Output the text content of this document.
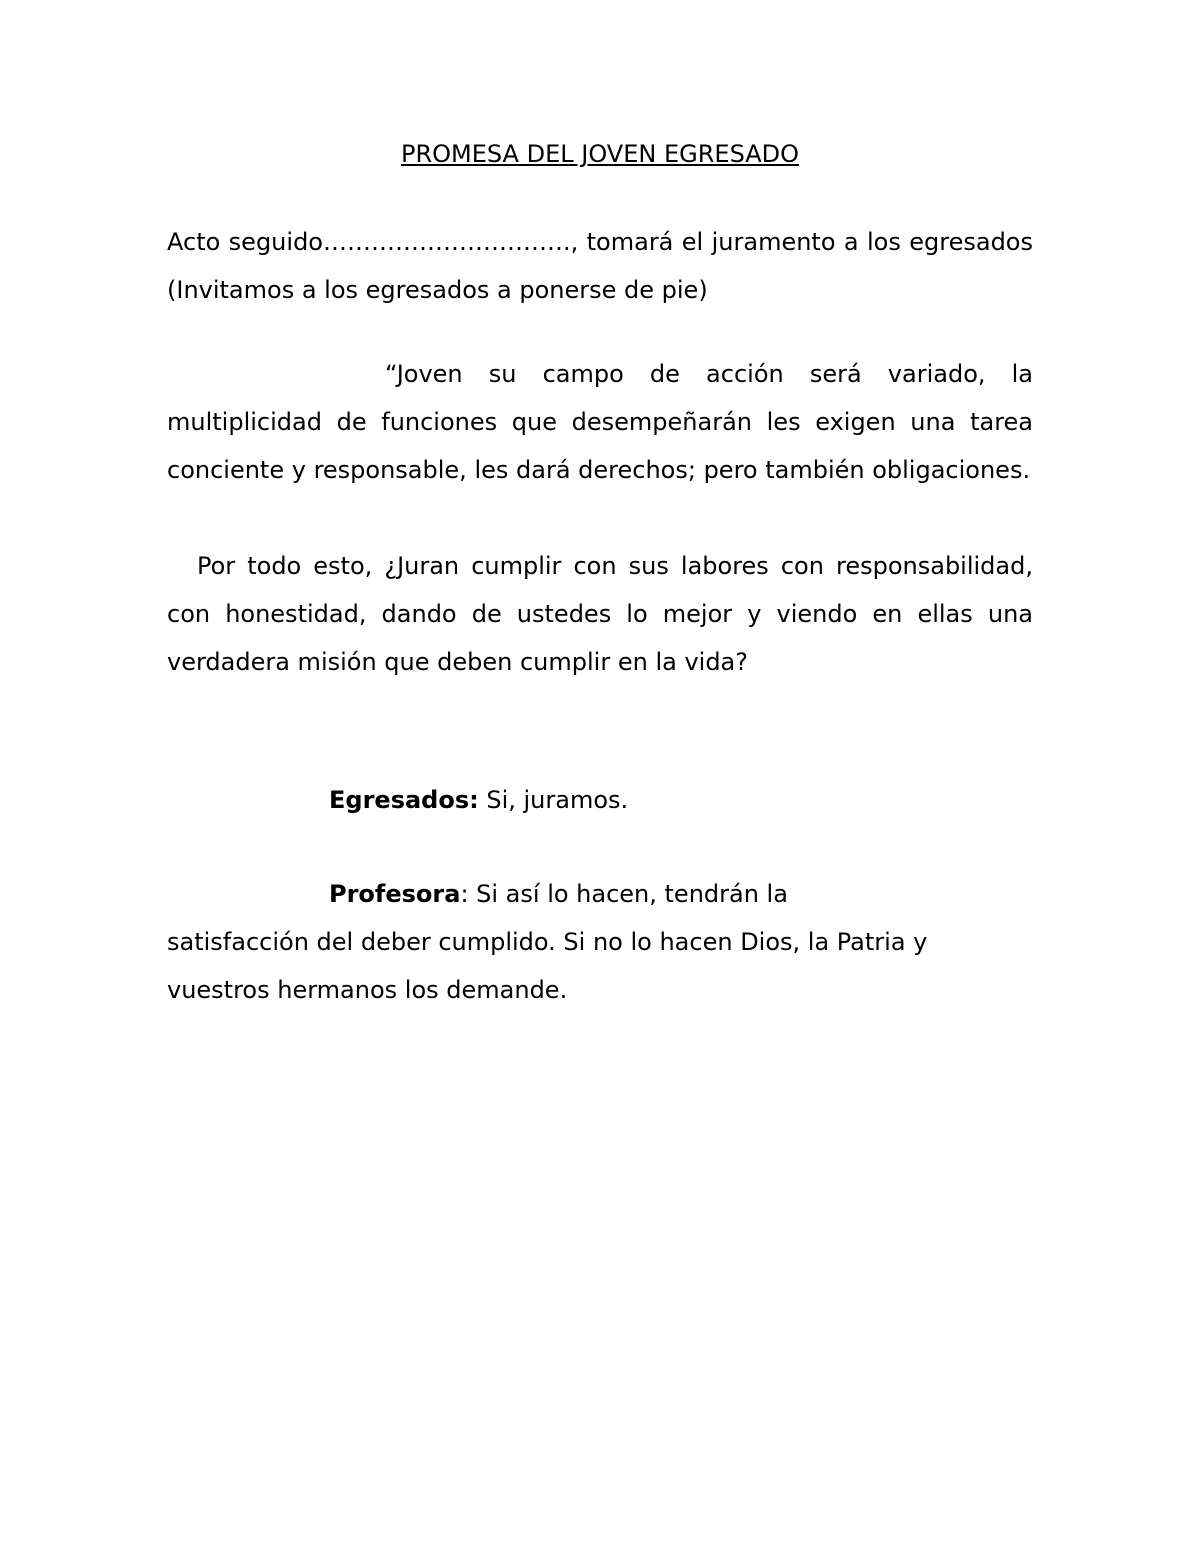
PROMESA DEL JOVEN EGRESADO
Acto seguido…………………………., tomará el juramento a los egresados (Invitamos a los egresados a ponerse de pie)
“Joven su campo de acción será variado, la multiplicidad de funciones que desempeñarán les exigen una tarea conciente y responsable, les dará derechos; pero también obligaciones.
Por todo esto, ¿Juran cumplir con sus labores con responsabilidad, con honestidad, dando de ustedes lo mejor y viendo en ellas una verdadera misión que deben cumplir en la vida?
Egresados: Si, juramos.
Profesora: Si así lo hacen, tendrán la
satisfacción del deber cumplido. Si no lo hacen Dios, la Patria y vuestros hermanos los demande.
